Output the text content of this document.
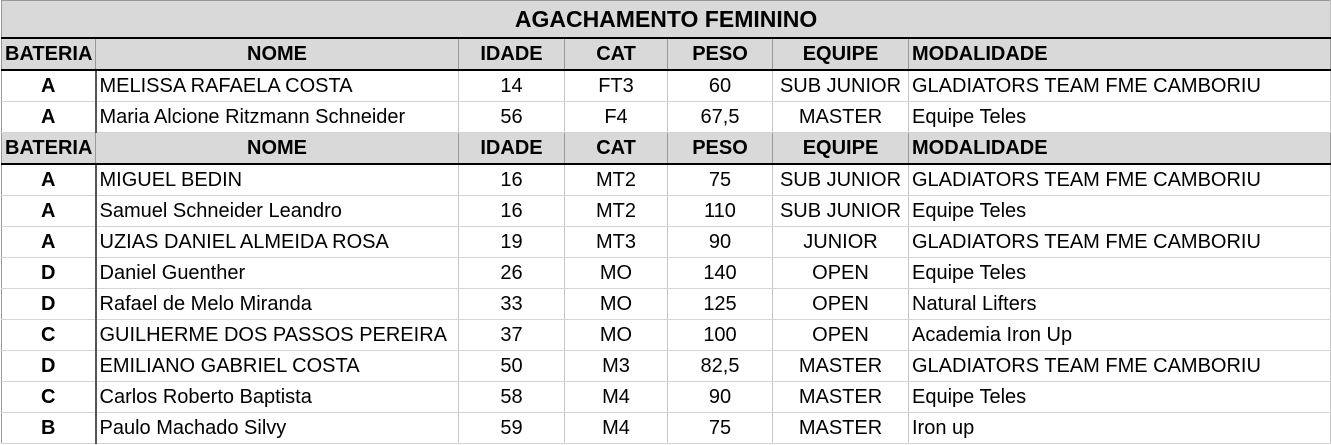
AGACHAMENTO FEMININO						
BATERIA	NOME	IDADE	CAT	PESO	EQUIPE	MODALIDADE
A	MELISSA RAFAELA COSTA	14	FT3	60	SUB JUNIOR	GLADIATORS TEAM FME CAMBORIU
A	Maria Alcione Ritzmann Schneider	56	F4	67,5	MASTER	Equipe Teles
BATERIA	NOME	IDADE	CAT	PESO	EQUIPE	MODALIDADE
A	MIGUEL BEDIN	16	MT2	75	SUB JUNIOR	GLADIATORS TEAM FME CAMBORIU
A	Samuel Schneider Leandro	16	MT2	110	SUB JUNIOR	Equipe Teles
A	UZIAS DANIEL ALMEIDA ROSA	19	MT3	90	JUNIOR	GLADIATORS TEAM FME CAMBORIU
D	Daniel Guenther	26	MO	140	OPEN	Equipe Teles
D	Rafael de Melo Miranda	33	MO	125	OPEN	Natural Lifters
C	GUILHERME DOS PASSOS PEREIRA	37	MO	100	OPEN	Academia Iron Up
D	EMILIANO GABRIEL COSTA	50	M3	82,5	MASTER	GLADIATORS TEAM FME CAMBORIU
C	Carlos Roberto Baptista	58	M4	90	MASTER	Equipe Teles
B	Paulo Machado Silvy	59	M4	75	MASTER	Iron up
